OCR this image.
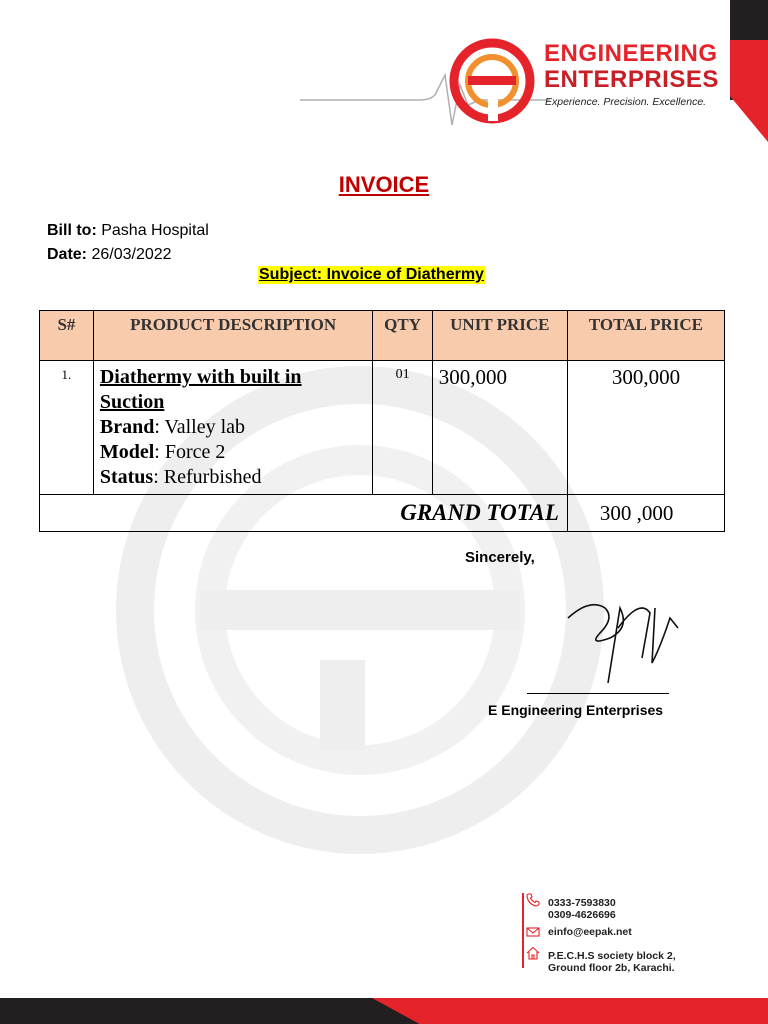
ENGINEERING
ENTERPRISES
Experience. Precision. Excellence.
INVOICE
Bill to: Pasha Hospital
Date: 26/03/2022
Subject: Invoice of Diathermy
S#	PRODUCT DESCRIPTION	QTY	UNIT PRICE	TOTAL PRICE
1.	Diathermy with built in Suction
Brand: Valley lab
Model: Force 2
Status: Refurbished	01	300,000	300,000
GRAND TOTAL				300 ,000
Sincerely,
E Engineering Enterprises
0333-7593830
0309-4626696
einfo@eepak.net
P.E.C.H.S society block 2,
Ground floor 2b, Karachi.
